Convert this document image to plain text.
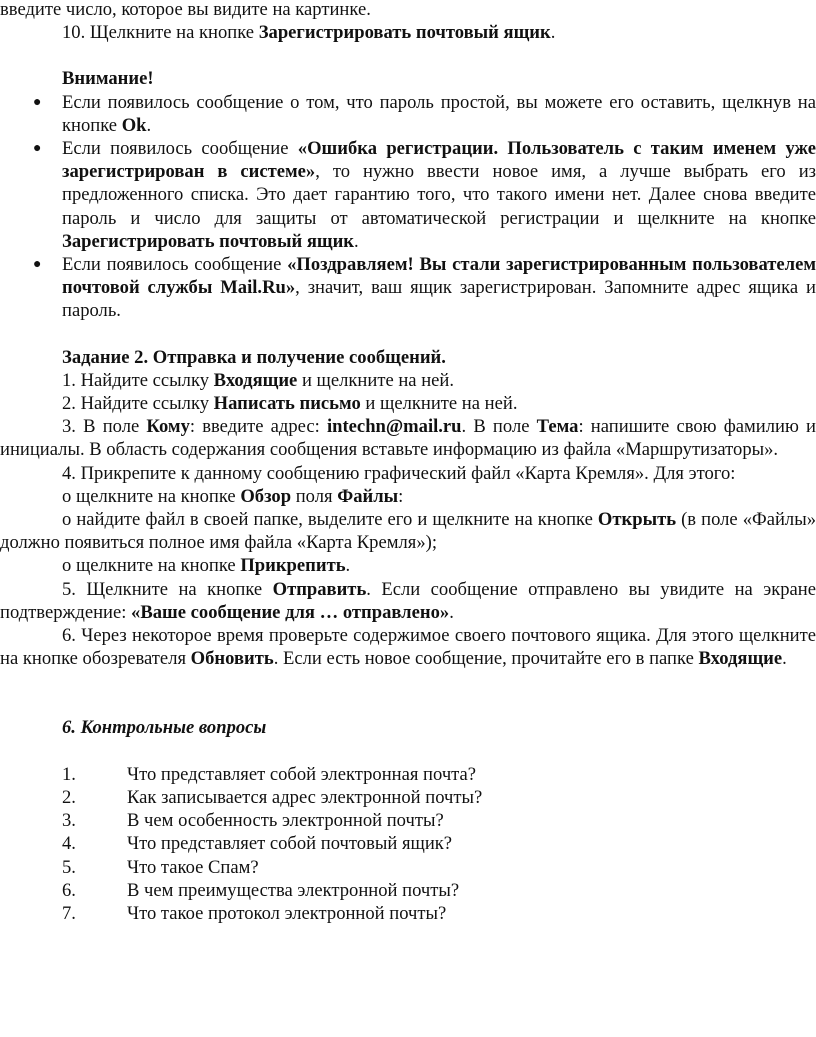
введите число, которое вы видите на картинке.

10. Щелкните на кнопке Зарегистрировать почтовый ящик.

Внимание!

● Если появилось сообщение о том, что пароль простой, вы можете его оставить, щелкнув на кнопке Ok.

● Если появилось сообщение «Ошибка регистрации. Пользователь с таким именем уже зарегистрирован в системе», то нужно ввести новое имя, а лучше выбрать его из предложенного списка. Это дает гарантию того, что такого имени нет. Далее снова введите пароль и число для защиты от автоматической регистрации и щелкните на кнопке Зарегистрировать почтовый ящик.

● Если появилось сообщение «Поздравляем! Вы стали зарегистрированным пользователем почтовой службы Mail.Ru», значит, ваш ящик зарегистрирован. Запомните адрес ящика и пароль.

Задание 2. Отправка и получение сообщений.

1. Найдите ссылку Входящие и щелкните на ней.

2. Найдите ссылку Написать письмо и щелкните на ней.

3. В поле Кому: введите адрес: intechn@mail.ru. В поле Тема: напишите свою фамилию и инициалы. В область содержания сообщения вставьте информацию из файла «Маршрутизаторы».

4. Прикрепите к данному сообщению графический файл «Карта Кремля». Для этого:

о щелкните на кнопке Обзор поля Файлы:

о найдите файл в своей папке, выделите его и щелкните на кнопке Открыть (в поле «Файлы» должно появиться полное имя файла «Карта Кремля»);

о щелкните на кнопке Прикрепить.

5. Щелкните на кнопке Отправить. Если сообщение отправлено вы увидите на экране подтверждение: «Ваше сообщение для … отправлено».

6. Через некоторое время проверьте содержимое своего почтового ящика. Для этого щелкните на кнопке обозревателя Обновить. Если есть новое сообщение, прочитайте его в папке Входящие.

6. Контрольные вопросы

1.	Что представляет собой электронная почта?
2.	Как записывается адрес электронной почты?
3.	В чем особенность электронной почты?
4.	Что представляет собой почтовый ящик?
5.	Что такое Спам?
6.	В чем преимущества электронной почты?
7.	Что такое протокол электронной почты?
